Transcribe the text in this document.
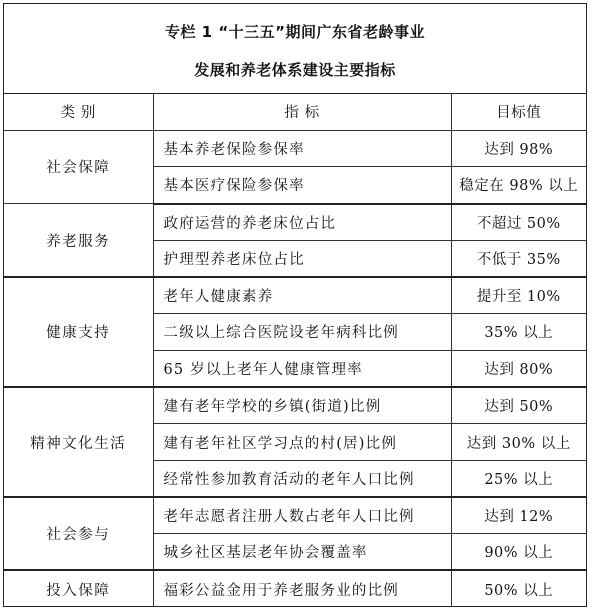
专栏 1 “十三五”期间广东省老龄事业
发展和养老体系建设主要指标
类 别	指 标	目标值
社会保障	基本养老保险参保率	达到 98%
	基本医疗保险参保率	稳定在 98% 以上
养老服务	政府运营的养老床位占比	不超过 50%
	护理型养老床位占比	不低于 35%
健康支持	老年人健康素养	提升至 10%
	二级以上综合医院设老年病科比例	35% 以上
	65 岁以上老年人健康管理率	达到 80%
精神文化生活	建有老年学校的乡镇(街道)比例	达到 50%
	建有老年社区学习点的村(居)比例	达到 30% 以上
	经常性参加教育活动的老年人口比例	25% 以上
社会参与	老年志愿者注册人数占老年人口比例	达到 12%
	城乡社区基层老年协会覆盖率	90% 以上
投入保障	福彩公益金用于养老服务业的比例	50% 以上
